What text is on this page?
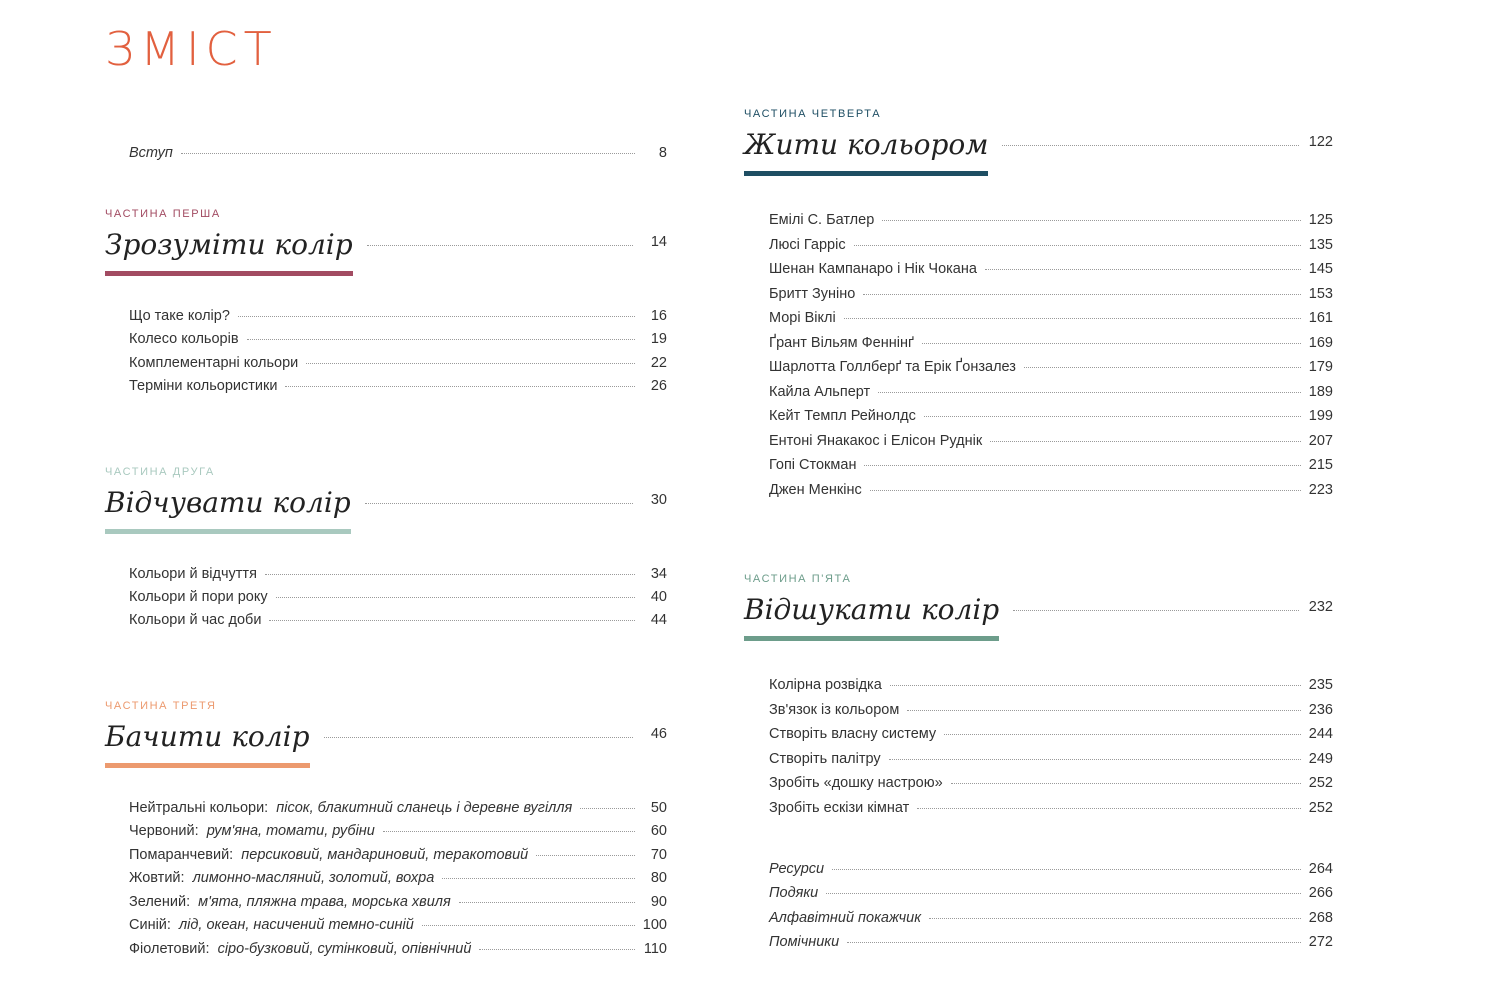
ЗМІСТ
Вступ	8
ЧАСТИНА ПЕРША
Зрозуміти колір	14
Що таке колір?	16
Колесо кольорів	19
Комплементарні кольори	22
Терміни кольористики	26
ЧАСТИНА ДРУГА
Відчувати колір	30
Кольори й відчуття	34
Кольори й пори року	40
Кольори й час доби	44
ЧАСТИНА ТРЕТЯ
Бачити колір	46
Нейтральні кольори: пісок, блакитний сланець і деревне вугілля	50
Червоний: рум'яна, томати, рубіни	60
Помаранчевий: персиковий, мандариновий, теракотовий	70
Жовтий: лимонно-масляний, золотий, вохра	80
Зелений: м'ята, пляжна трава, морська хвиля	90
Синій: лід, океан, насичений темно-синій	100
Фіолетовий: сіро-бузковий, сутінковий, опівнічний	110
ЧАСТИНА ЧЕТВЕРТА
Жити кольором	122
Емілі С. Батлер	125
Люсі Гарріс	135
Шенан Кампанаро і Нік Чокана	145
Бритт Зуніно	153
Морі Віклі	161
Ґрант Вільям Феннінґ	169
Шарлотта Голлберґ та Ерік Ґонзалез	179
Кайла Альперт	189
Кейт Темпл Рейнолдс	199
Ентоні Янакакос і Елісон Руднік	207
Гопі Стокман	215
Джен Менкінс	223
ЧАСТИНА П'ЯТА
Відшукати колір	232
Колірна розвідка	235
Зв'язок із кольором	236
Створіть власну систему	244
Створіть палітру	249
Зробіть «дошку настрою»	252
Зробіть ескізи кімнат	252
Ресурси	264
Подяки	266
Алфавітний покажчик	268
Помічники	272
